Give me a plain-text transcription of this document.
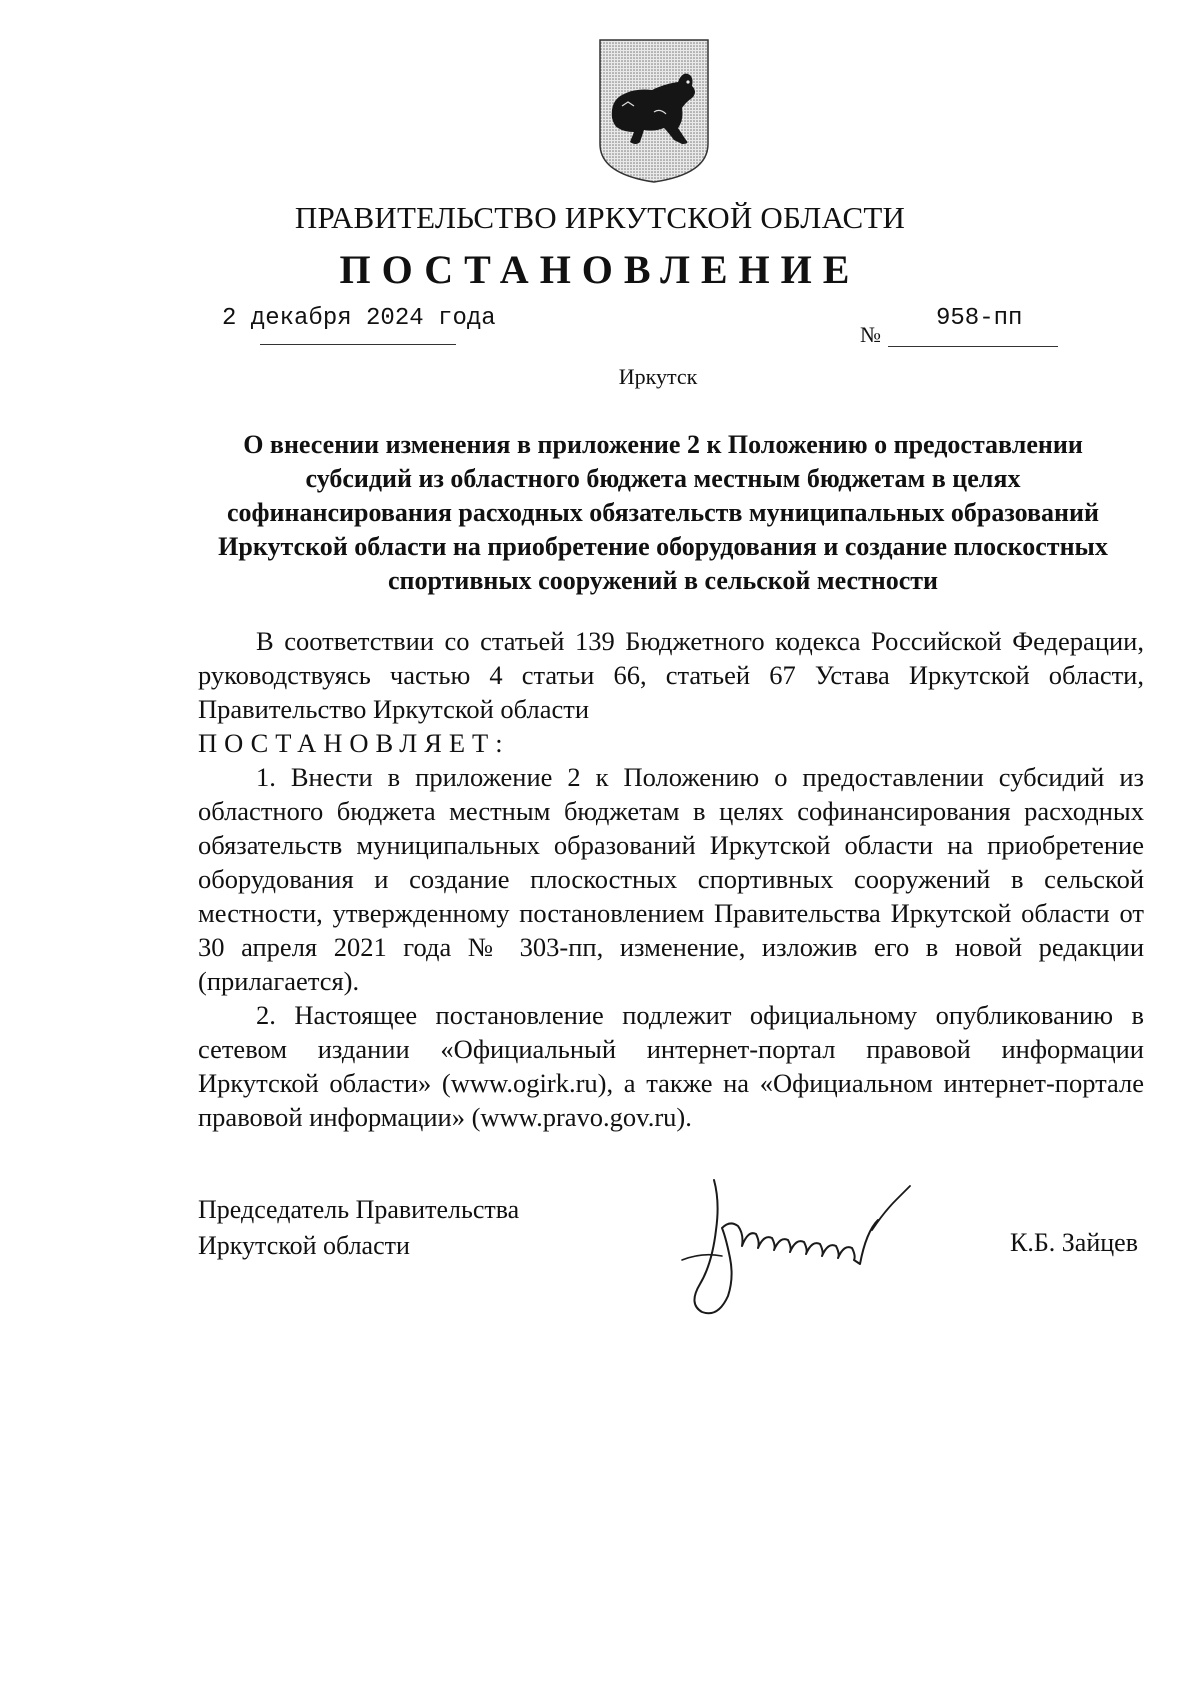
ПРАВИТЕЛЬСТВО ИРКУТСКОЙ ОБЛАСТИ
ПОСТАНОВЛЕНИЕ
2 декабря 2024 года
№
958-пп
Иркутск
О внесении изменения в приложение 2 к Положению о предоставлении субсидий из областного бюджета местным бюджетам в целях софинансирования расходных обязательств муниципальных образований Иркутской области на приобретение оборудования и создание плоскостных спортивных сооружений в сельской местности
В соответствии со статьей 139 Бюджетного кодекса Российской Федерации, руководствуясь частью 4 статьи 66, статьей 67 Устава Иркутской области, Правительство Иркутской области
ПОСТАНОВЛЯЕТ:
1. Внести в приложение 2 к Положению о предоставлении субсидий из областного бюджета местным бюджетам в целях софинансирования расходных обязательств муниципальных образований Иркутской области на приобретение оборудования и создание плоскостных спортивных сооружений в сельской местности, утвержденному постановлением Правительства Иркутской области от 30 апреля 2021 года № 303-пп, изменение, изложив его в новой редакции (прилагается).
2. Настоящее постановление подлежит официальному опубликованию в сетевом издании «Официальный интернет-портал правовой информации Иркутской области» (www.ogirk.ru), а также на «Официальном интернет-портале правовой информации» (www.pravo.gov.ru).
Председатель Правительства
Иркутской области	К.Б. Зайцев
